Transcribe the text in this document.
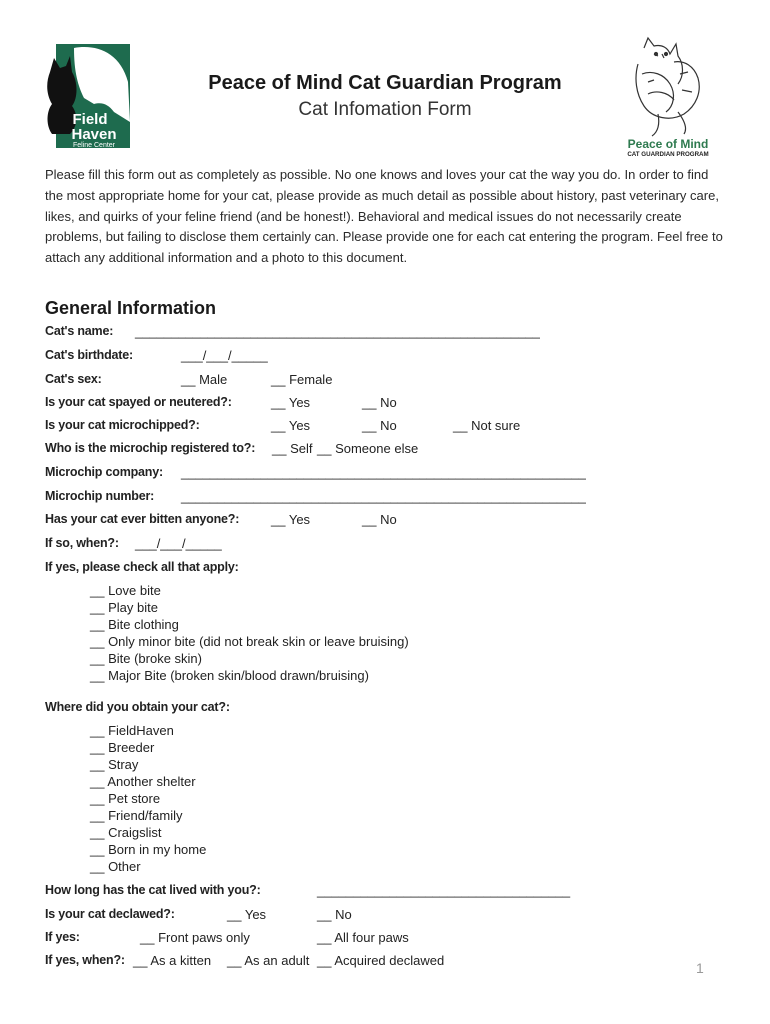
Field
Haven
Feline Center
Peace of Mind Cat Guardian Program
Cat Infomation Form
Peace of Mind
CAT GUARDIAN PROGRAM
Please fill this form out as completely as possible. No one knows and loves your cat the way you do. In order to find the most appropriate home for your cat, please provide as much detail as possible about history, past veterinary care, likes, and quirks of your feline friend (and be honest!). Behavioral and medical issues do not necessarily create problems, but failing to disclose them certainly can. Please provide one for each cat entering the program. Feel free to attach any additional information and a photo to this document.
General Information
Cat's name: ________________________________________________________
Cat's birthdate:	___/___/_____
Cat's sex:	__ Male	__ Female
Is your cat spayed or neutered?:	__ Yes	__ No
Is your cat microchipped?:	__ Yes	__ No	__ Not sure
Who is the microchip registered to?: __ Self __ Someone else
Microchip company: ________________________________________________________
Microchip number: ________________________________________________________
Has your cat ever bitten anyone?: __ Yes	__ No
If so, when?: ___/___/_____
If yes, please check all that apply:
__ Love bite
__ Play bite
__ Bite clothing
__ Only minor bite (did not break skin or leave bruising)
__ Bite (broke skin)
__ Major Bite (broken skin/blood drawn/bruising)
Where did you obtain your cat?:
__ FieldHaven
__ Breeder
__ Stray
__ Another shelter
__ Pet store
__ Friend/family
__ Craigslist
__ Born in my home
__ Other
How long has the cat lived with you?:	___________________________________
Is your cat declawed?:	__ Yes	__ No
If yes:	__ Front paws only	__ All four paws
If yes, when?: __ As a kitten __ As an adult __ Acquired declawed	1
